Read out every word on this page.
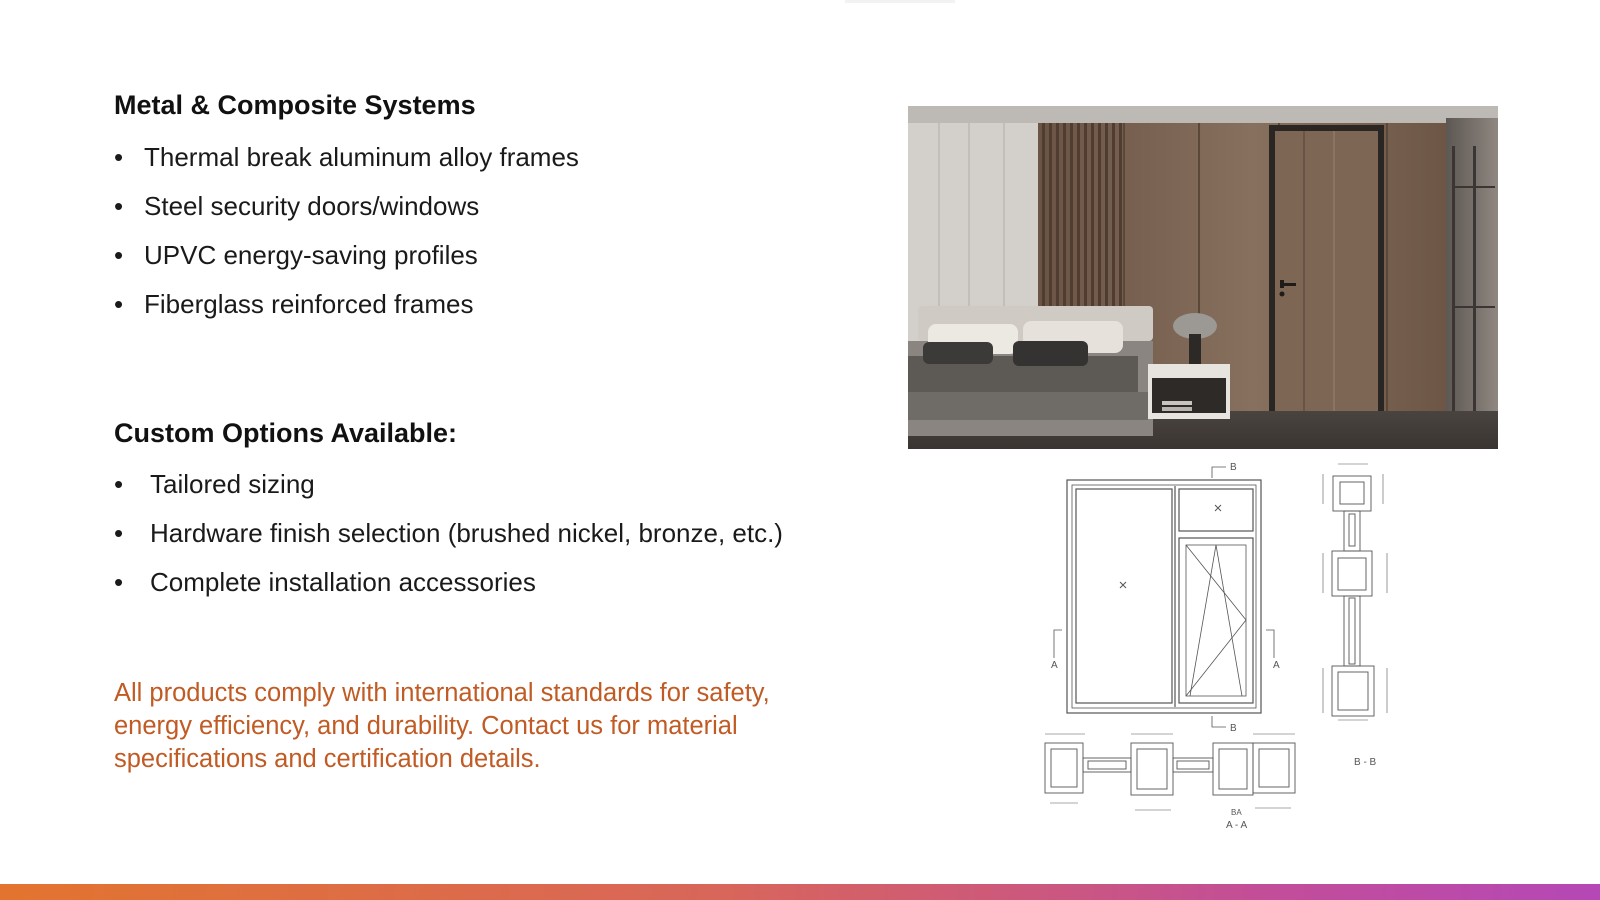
Metal & Composite Systems
• Thermal break aluminum alloy frames
• Steel security doors/windows
• UPVC energy-saving profiles
• Fiberglass reinforced frames
Custom Options Available:
• Tailored sizing
• Hardware finish selection (brushed nickel, bronze, etc.)
• Complete installation accessories

All products comply with international standards for safety, energy efficiency, and durability. Contact us for material specifications and certification details.

B
B
A	A
B - B
A - A
BA
